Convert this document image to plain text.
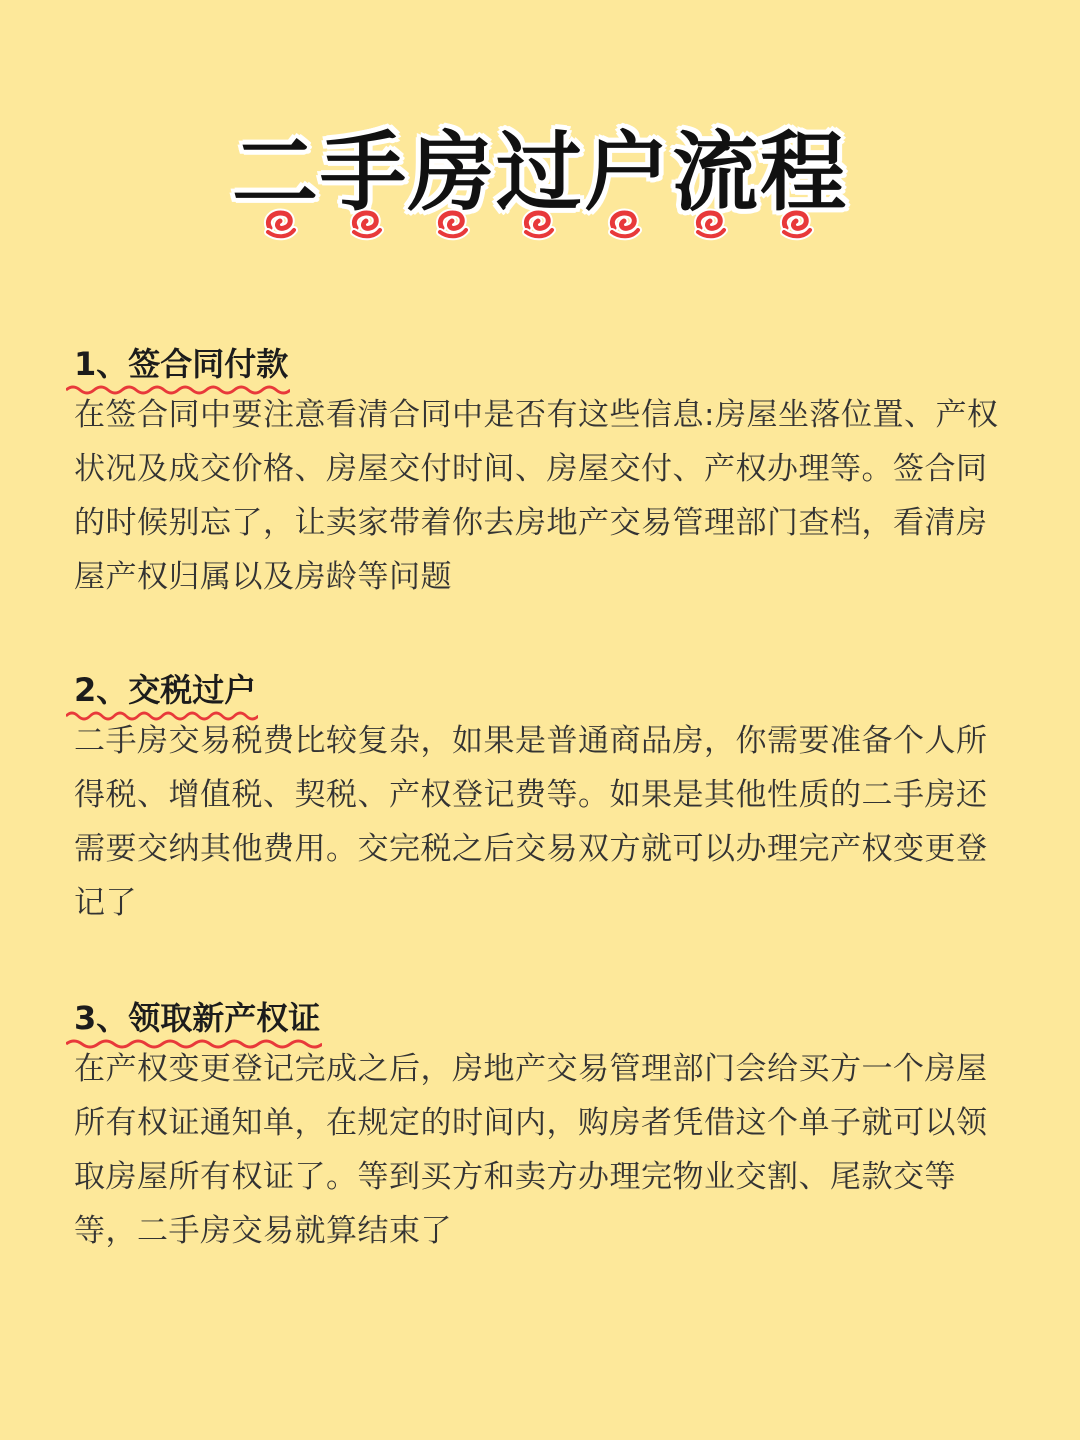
二手房过户流程
1、签合同付款
在签合同中要注意看清合同中是否有这些信息:房屋坐落位置、产权状况及成交价格、房屋交付时间、房屋交付、产权办理等。签合同的时候别忘了，让卖家带着你去房地产交易管理部门查档，看清房屋产权归属以及房龄等问题
2、交税过户
二手房交易税费比较复杂，如果是普通商品房，你需要准备个人所得税、增值税、契税、产权登记费等。如果是其他性质的二手房还需要交纳其他费用。交完税之后交易双方就可以办理完产权变更登记了
3、领取新产权证
在产权变更登记完成之后，房地产交易管理部门会给买方一个房屋所有权证通知单，在规定的时间内，购房者凭借这个单子就可以领取房屋所有权证了。等到买方和卖方办理完物业交割、尾款交等等，二手房交易就算结束了
